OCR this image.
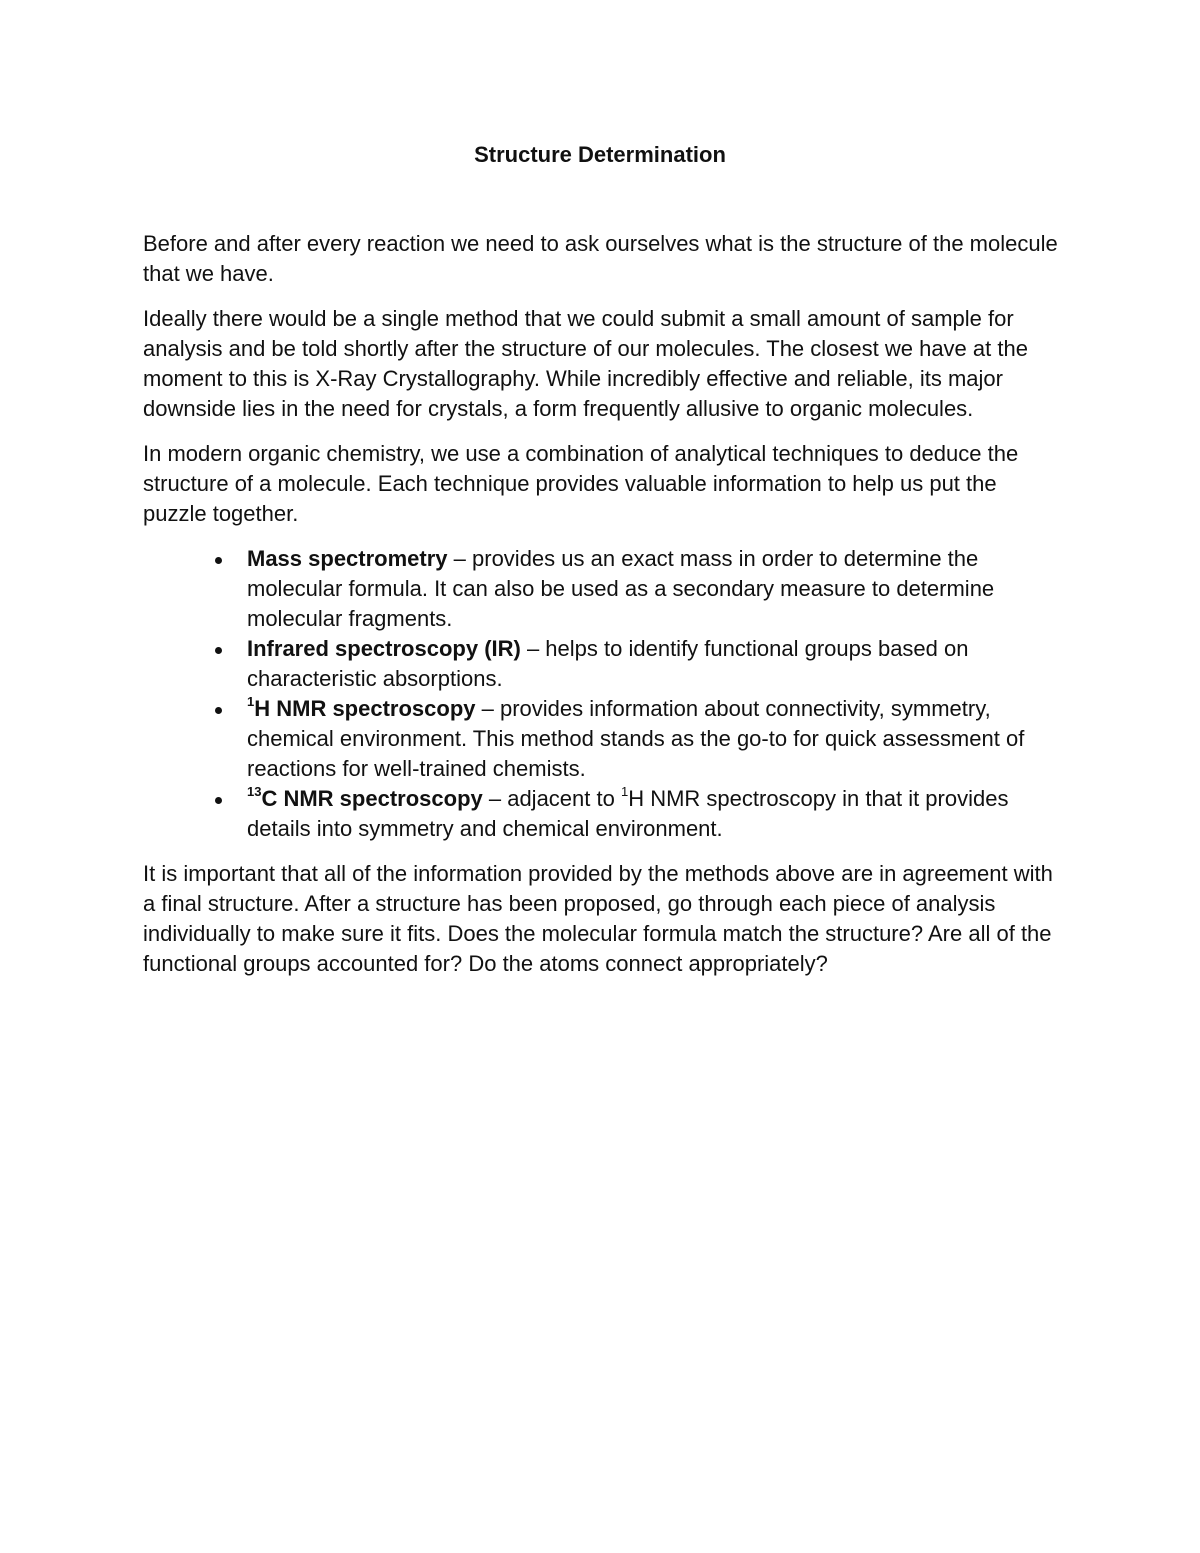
Structure Determination

Before and after every reaction we need to ask ourselves what is the structure of the molecule that we have.

Ideally there would be a single method that we could submit a small amount of sample for analysis and be told shortly after the structure of our molecules. The closest we have at the moment to this is X-Ray Crystallography. While incredibly effective and reliable, its major downside lies in the need for crystals, a form frequently allusive to organic molecules.

In modern organic chemistry, we use a combination of analytical techniques to deduce the structure of a molecule. Each technique provides valuable information to help us put the puzzle together.

Mass spectrometry – provides us an exact mass in order to determine the molecular formula. It can also be used as a secondary measure to determine molecular fragments.
Infrared spectroscopy (IR) – helps to identify functional groups based on characteristic absorptions.
$^1$H NMR spectroscopy – provides information about connectivity, symmetry, chemical environment. This method stands as the go-to for quick assessment of reactions for well-trained chemists.
$^{13}$C NMR spectroscopy – adjacent to $^1$H NMR spectroscopy in that it provides details into symmetry and chemical environment.

It is important that all of the information provided by the methods above are in agreement with a final structure. After a structure has been proposed, go through each piece of analysis individually to make sure it fits. Does the molecular formula match the structure? Are all of the functional groups accounted for? Do the atoms connect appropriately?
